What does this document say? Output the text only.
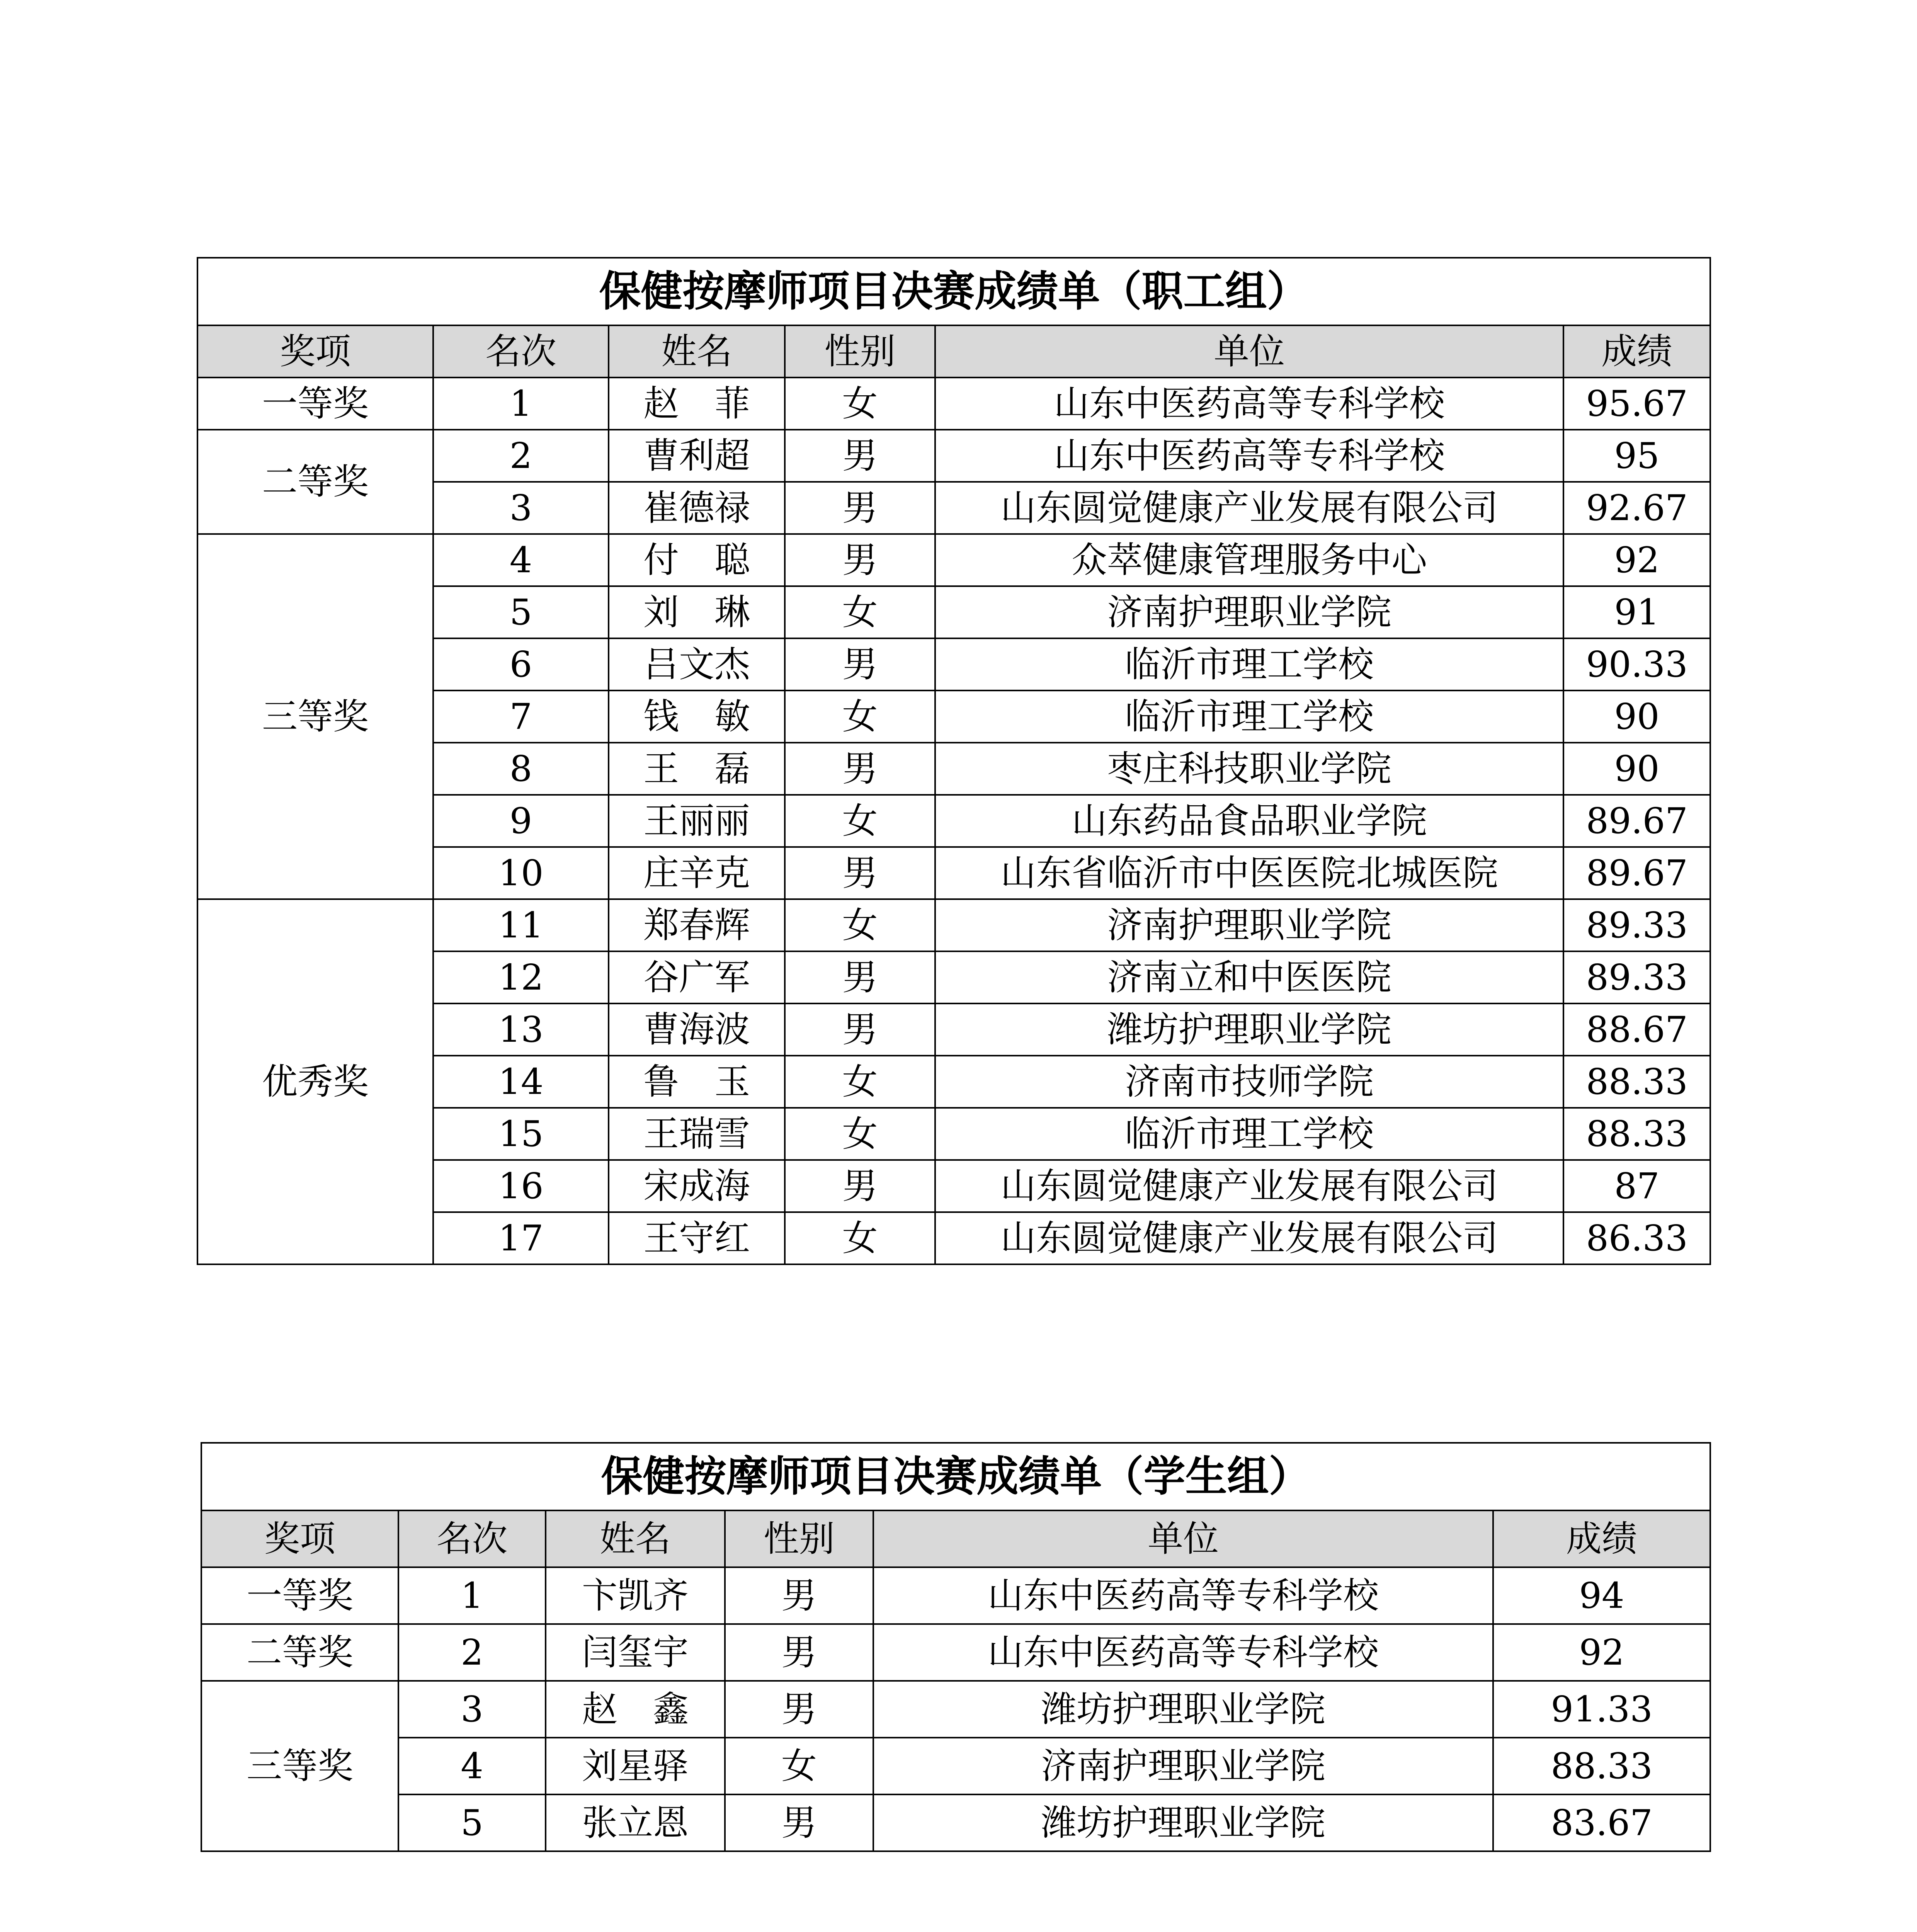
保健按摩师项目决赛成绩单（职工组）					
奖项	名次	姓名	性别	单位	成绩
一等奖	1	赵　菲	女	山东中医药高等专科学校	95.67
二等奖	2	曹利超	男	山东中医药高等专科学校	95
	3	崔德禄	男	山东圆觉健康产业发展有限公司	92.67
三等奖	4	付　聪	男	众萃健康管理服务中心	92
	5	刘　琳	女	济南护理职业学院	91
	6	吕文杰	男	临沂市理工学校	90.33
	7	钱　敏	女	临沂市理工学校	90
	8	王　磊	男	枣庄科技职业学院	90
	9	王丽丽	女	山东药品食品职业学院	89.67
	10	庄辛克	男	山东省临沂市中医医院北城医院	89.67
优秀奖	11	郑春辉	女	济南护理职业学院	89.33
	12	谷广军	男	济南立和中医医院	89.33
	13	曹海波	男	潍坊护理职业学院	88.67
	14	鲁　玉	女	济南市技师学院	88.33
	15	王瑞雪	女	临沂市理工学校	88.33
	16	宋成海	男	山东圆觉健康产业发展有限公司	87
	17	王守红	女	山东圆觉健康产业发展有限公司	86.33
保健按摩师项目决赛成绩单（学生组）					
奖项	名次	姓名	性别	单位	成绩
一等奖	1	卞凯齐	男	山东中医药高等专科学校	94
二等奖	2	闫玺宇	男	山东中医药高等专科学校	92
三等奖	3	赵　鑫	男	潍坊护理职业学院	91.33
	4	刘星驿	女	济南护理职业学院	88.33
	5	张立恩	男	潍坊护理职业学院	83.67
